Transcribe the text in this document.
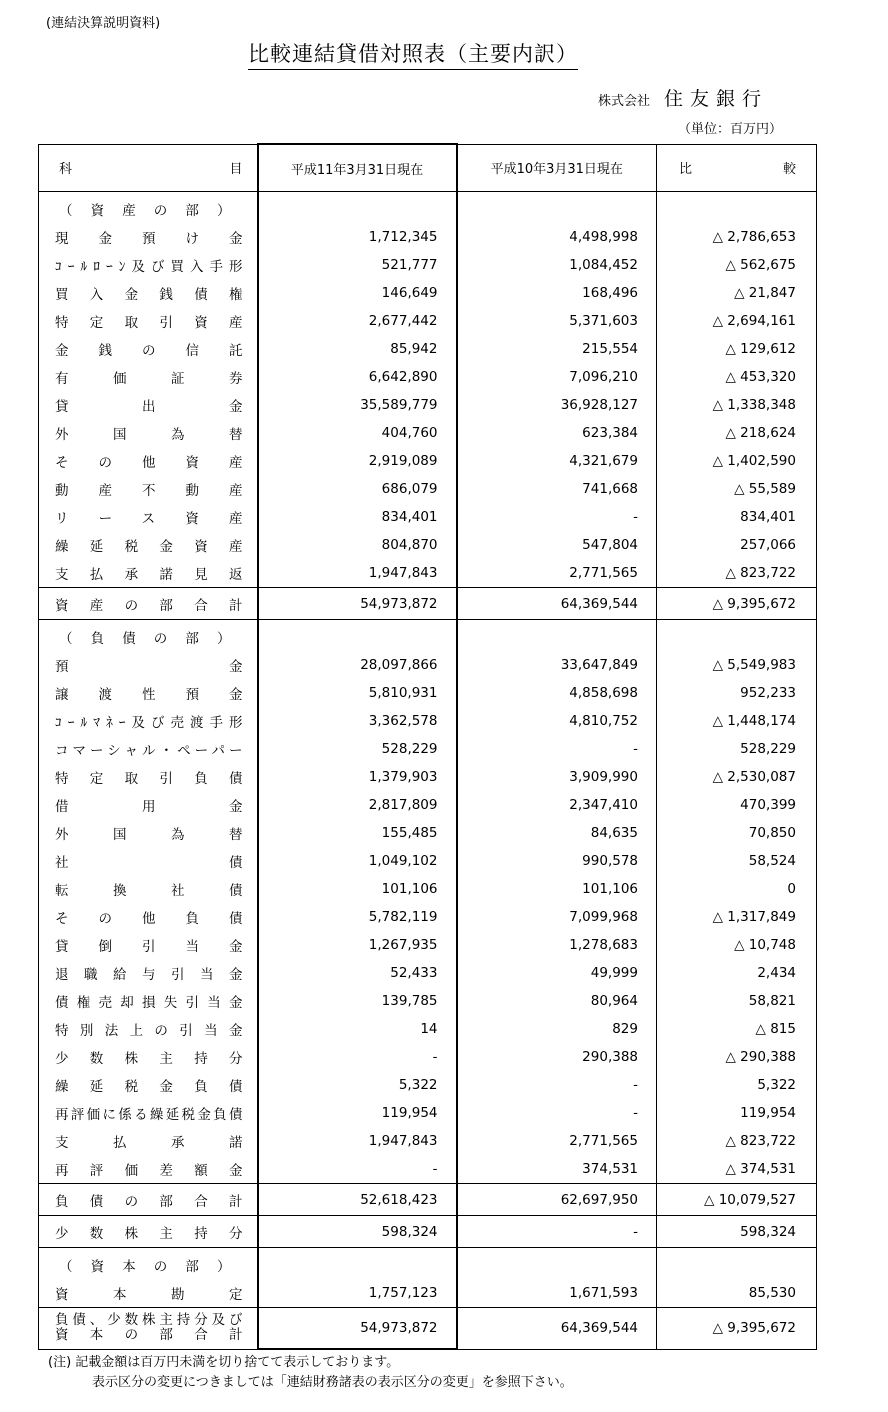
(連結決算説明資料)
比較連結貸借対照表（主要内訳）
株式会社 住友銀行
（単位：百万円）
科目	平成11年3月31日現在	平成10年3月31日現在	比較

（資産の部）			

現金預け金	1,712,345	4,498,998	△ 2,786,653

ｺｰﾙﾛｰﾝ及び買入手形	521,777	1,084,452	△ 562,675

買入金銭債権	146,649	168,496	△ 21,847

特定取引資産	2,677,442	5,371,603	△ 2,694,161

金銭の信託	85,942	215,554	△ 129,612

有価証券	6,642,890	7,096,210	△ 453,320

貸出金	35,589,779	36,928,127	△ 1,338,348

外国為替	404,760	623,384	△ 218,624

その他資産	2,919,089	4,321,679	△ 1,402,590

動産不動産	686,079	741,668	△ 55,589

リース資産	834,401	-	834,401

繰延税金資産	804,870	547,804	257,066

支払承諾見返	1,947,843	2,771,565	△ 823,722

資産の部合計	54,973,872	64,369,544	△ 9,395,672

（負債の部）			

預金	28,097,866	33,647,849	△ 5,549,983

譲渡性預金	5,810,931	4,858,698	952,233

ｺｰﾙﾏﾈｰ及び売渡手形	3,362,578	4,810,752	△ 1,448,174

コマーシャル・ペーパー	528,229	-	528,229

特定取引負債	1,379,903	3,909,990	△ 2,530,087

借用金	2,817,809	2,347,410	470,399

外国為替	155,485	84,635	70,850

社債	1,049,102	990,578	58,524

転換社債	101,106	101,106	0

その他負債	5,782,119	7,099,968	△ 1,317,849

貸倒引当金	1,267,935	1,278,683	△ 10,748

退職給与引当金	52,433	49,999	2,434

債権売却損失引当金	139,785	80,964	58,821

特別法上の引当金	14	829	△ 815

少数株主持分	-	290,388	△ 290,388

繰延税金負債	5,322	-	5,322

再評価に係る繰延税金負債	119,954	-	119,954

支払承諾	1,947,843	2,771,565	△ 823,722

再評価差額金	-	374,531	△ 374,531

負債の部合計	52,618,423	62,697,950	△ 10,079,527

少数株主持分	598,324	-	598,324

（資本の部）			

資本勘定	1,757,123	1,671,593	85,530

負債、少数株主持分及び
資本の部合計	54,973,872	64,369,544	△ 9,395,672
(注) 記載金額は百万円未満を切り捨てて表示しております。
表示区分の変更につきましては「連結財務諸表の表示区分の変更」を参照下さい。
